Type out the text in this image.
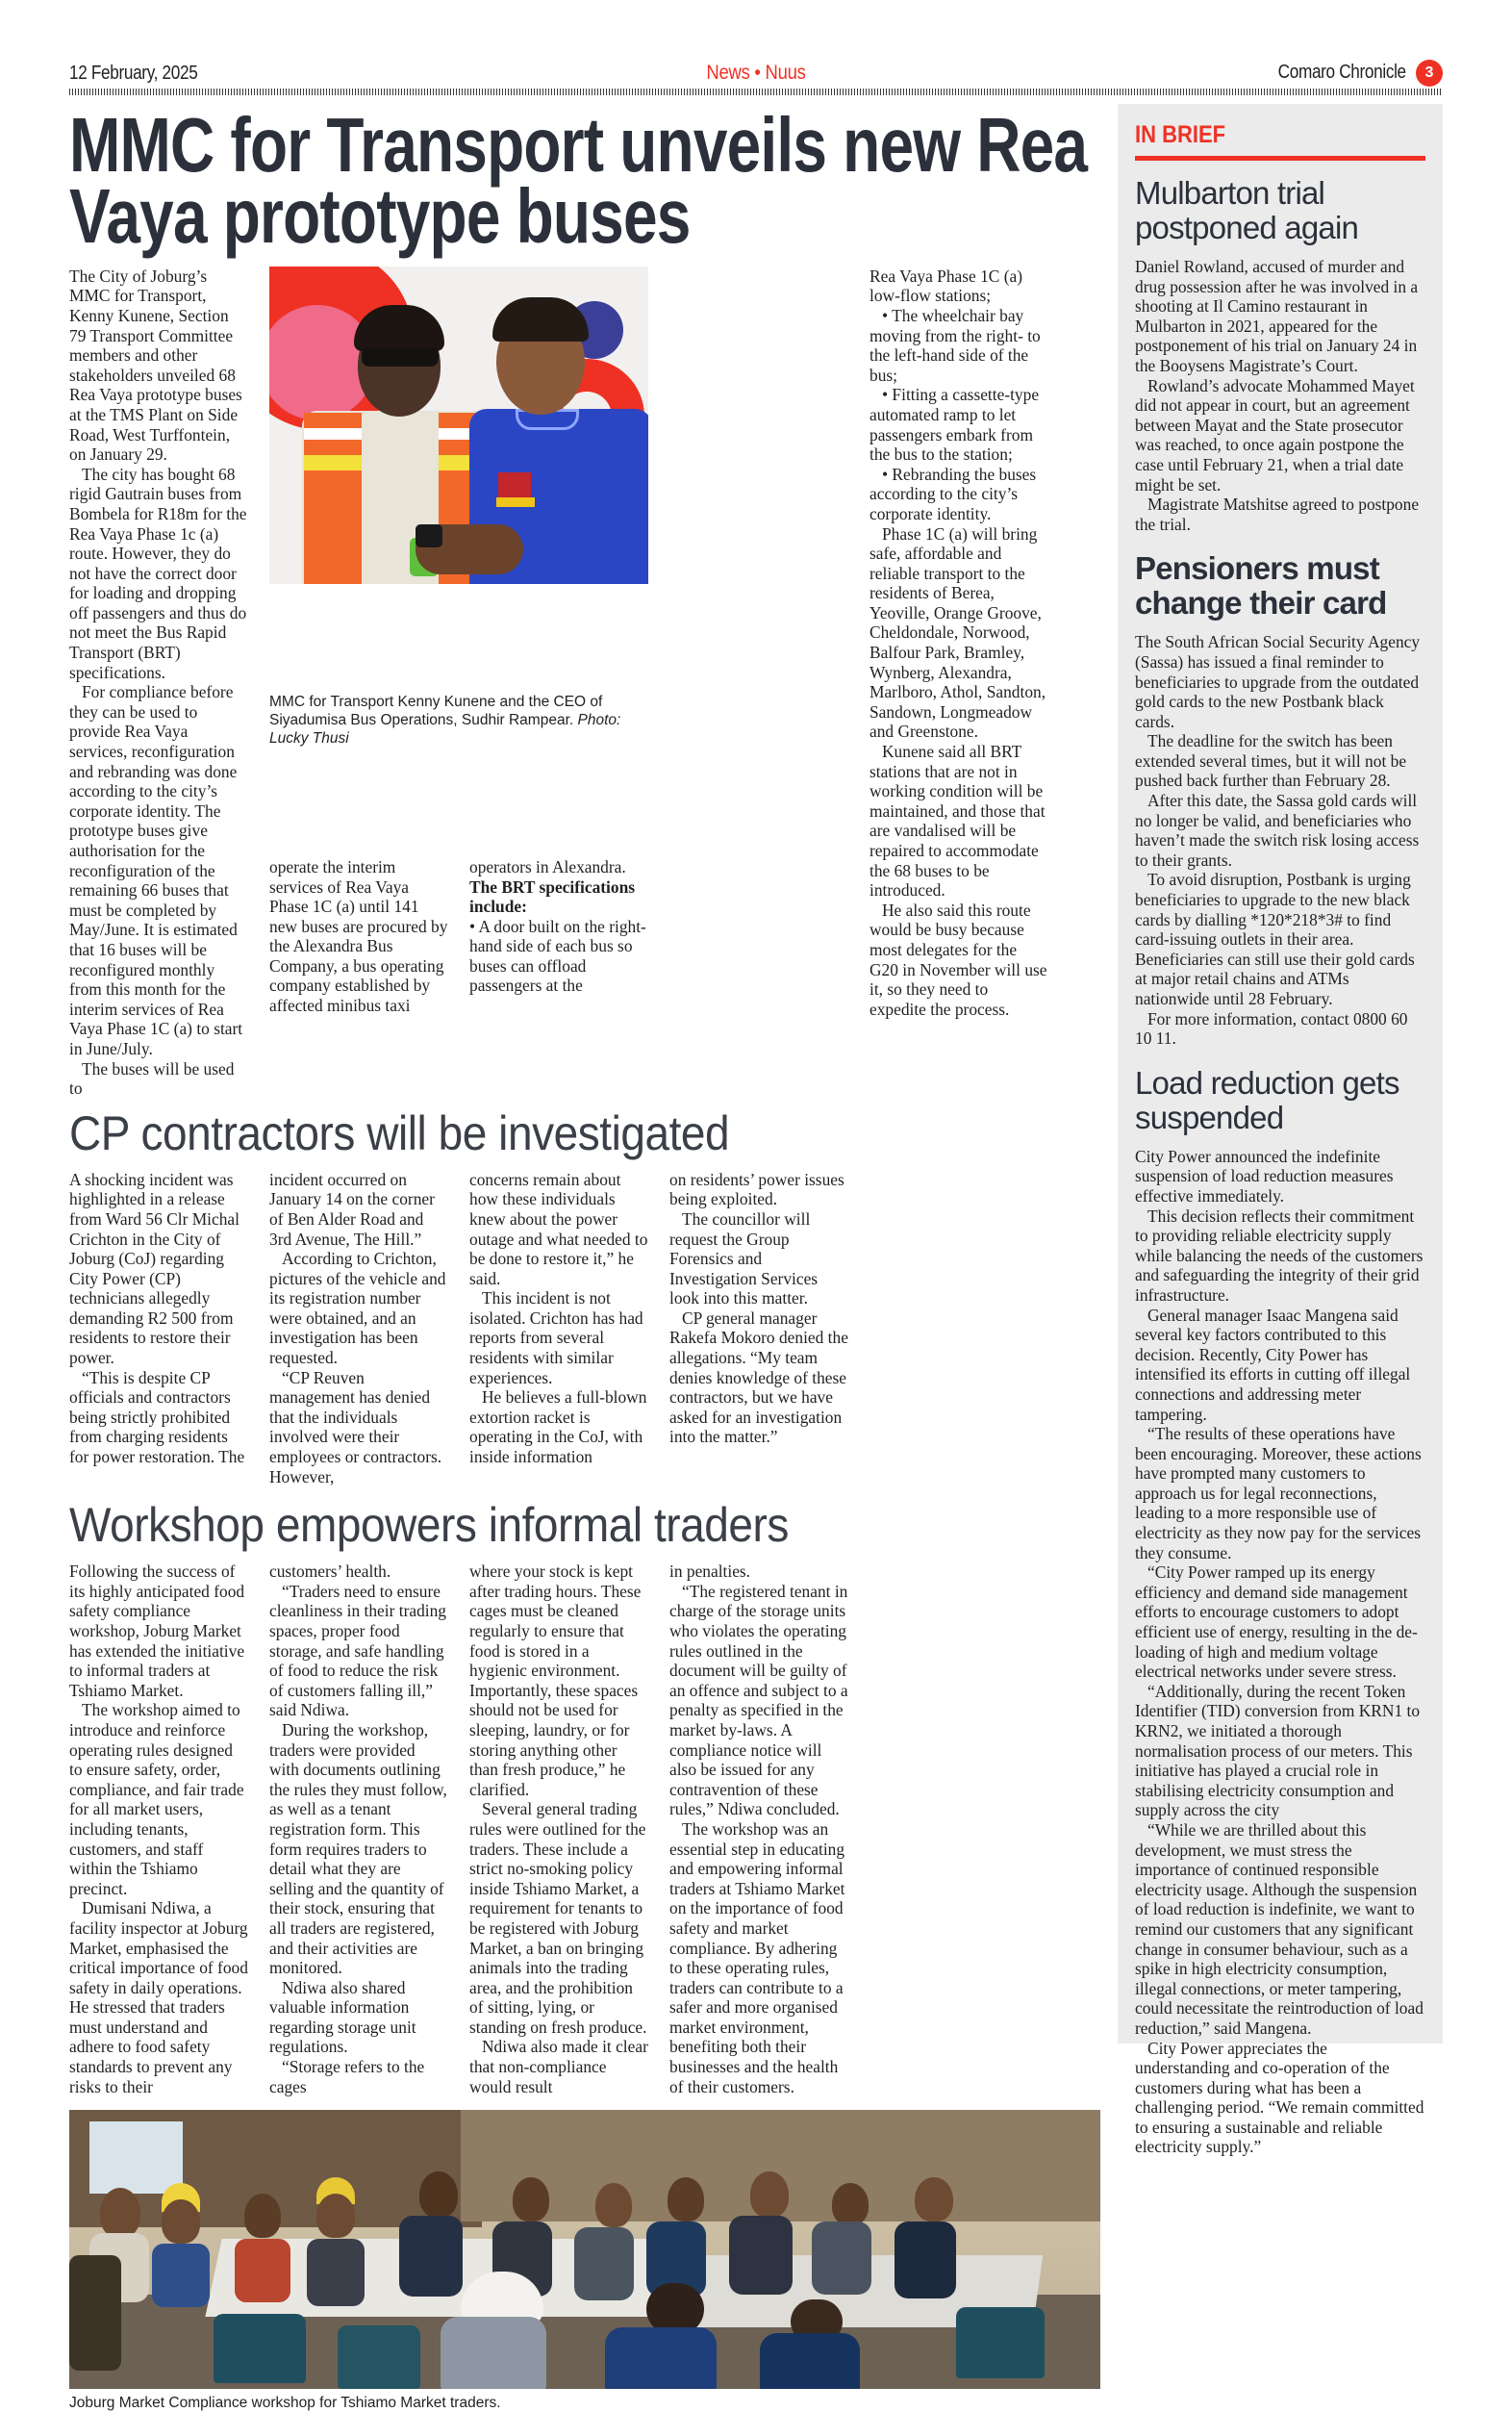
12 February, 2025	News • Nuus	Comaro Chronicle	3
MMC for Transport unveils new Rea Vaya prototype buses

The City of Joburg’s MMC for Transport, Kenny Kunene, Section 79 Transport Committee members and other stakeholders unveiled 68 Rea Vaya prototype buses at the TMS Plant on Side Road, West Turffontein, on January 29.

The city has bought 68 rigid Gautrain buses from Bombela for R18m for the Rea Vaya Phase 1c (a) route. However, they do not have the correct door for loading and dropping off passengers and thus do not meet the Bus Rapid Transport (BRT) specifications.

For compliance before they can be used to provide Rea Vaya services, reconfiguration and rebranding was done according to the city’s corporate identity. The prototype buses give authorisation for the reconfiguration of the remaining 66 buses that must be completed by May/June. It is estimated that 16 buses will be reconfigured monthly from this month for the interim services of Rea Vaya Phase 1C (a) to start in June/July.

The buses will be used to

MMC for Transport Kenny Kunene and the CEO of Siyadumisa Bus Operations, Sudhir Rampear. Photo: Lucky Thusi

Rea Vaya Phase 1C (a) low-flow stations;

• The wheelchair bay moving from the right- to the left-hand side of the bus;

• Fitting a cassette-type automated ramp to let passengers embark from the bus to the station;

• Rebranding the buses according to the city’s corporate identity.

Phase 1C (a) will bring safe, affordable and reliable transport to the residents of Berea, Yeoville, Orange Groove, Cheldondale, Norwood, Balfour Park, Bramley, Wynberg, Alexandra, Marlboro, Athol, Sandton, Sandown, Longmeadow and Greenstone.

Kunene said all BRT stations that are not in working condition will be maintained, and those that are vandalised will be repaired to accommodate the 68 buses to be introduced.

He also said this route would be busy because most delegates for the G20 in November will use it, so they need to expedite the process.

operate the interim services of Rea Vaya Phase 1C (a) until 141 new buses are procured by the Alexandra Bus Company, a bus operating company established by affected minibus taxi

operators in Alexandra.

The BRT specifications include:

• A door built on the right-hand side of each bus so buses can offload passengers at the

CP contractors will be investigated

A shocking incident was highlighted in a release from Ward 56 Clr Michal Crichton in the City of Joburg (CoJ) regarding City Power (CP) technicians allegedly demanding R2 500 from residents to restore their power.

“This is despite CP officials and contractors being strictly prohibited from charging residents for power restoration. The

incident occurred on January 14 on the corner of Ben Alder Road and 3rd Avenue, The Hill.”

According to Crichton, pictures of the vehicle and its registration number were obtained, and an investigation has been requested.

“CP Reuven management has denied that the individuals involved were their employees or contractors. However,

concerns remain about how these individuals knew about the power outage and what needed to be done to restore it,” he said.

This incident is not isolated. Crichton has had reports from several residents with similar experiences.

He believes a full-blown extortion racket is operating in the CoJ, with inside information

on residents’ power issues being exploited.

The councillor will request the Group Forensics and Investigation Services look into this matter.

CP general manager Rakefa Mokoro denied the allegations. “My team denies knowledge of these contractors, but we have asked for an investigation into the matter.”

Workshop empowers informal traders

Following the success of its highly anticipated food safety compliance workshop, Joburg Market has extended the initiative to informal traders at Tshiamo Market.

The workshop aimed to introduce and reinforce operating rules designed to ensure safety, order, compliance, and fair trade for all market users, including tenants, customers, and staff within the Tshiamo precinct.

Dumisani Ndiwa, a facility inspector at Joburg Market, emphasised the critical importance of food safety in daily operations. He stressed that traders must understand and adhere to food safety standards to prevent any risks to their

customers’ health.

“Traders need to ensure cleanliness in their trading spaces, proper food storage, and safe handling of food to reduce the risk of customers falling ill,” said Ndiwa.

During the workshop, traders were provided with documents outlining the rules they must follow, as well as a tenant registration form. This form requires traders to detail what they are selling and the quantity of their stock, ensuring that all traders are registered, and their activities are monitored.

Ndiwa also shared valuable information regarding storage unit regulations.

“Storage refers to the cages

where your stock is kept after trading hours. These cages must be cleaned regularly to ensure that food is stored in a hygienic environment. Importantly, these spaces should not be used for sleeping, laundry, or for storing anything other than fresh produce,” he clarified.

Several general trading rules were outlined for the traders. These include a strict no-smoking policy inside Tshiamo Market, a requirement for tenants to be registered with Joburg Market, a ban on bringing animals into the trading area, and the prohibition of sitting, lying, or standing on fresh produce.

Ndiwa also made it clear that non-compliance would result

in penalties.

“The registered tenant in charge of the storage units who violates the operating rules outlined in the document will be guilty of an offence and subject to a penalty as specified in the market by-laws. A compliance notice will also be issued for any contravention of these rules,” Ndiwa concluded.

The workshop was an essential step in educating and empowering informal traders at Tshiamo Market on the importance of food safety and market compliance. By adhering to these operating rules, traders can contribute to a safer and more organised market environment, benefiting both their businesses and the health of their customers.

Joburg Market Compliance workshop for Tshiamo Market traders.
IN BRIEF
Mulbarton trial postponed again

Daniel Rowland, accused of murder and drug possession after he was involved in a shooting at Il Camino restaurant in Mulbarton in 2021, appeared for the postponement of his trial on January 24 in the Booysens Magistrate’s Court.

Rowland’s advocate Mohammed Mayet did not appear in court, but an agreement between Mayat and the State prosecutor was reached, to once again postpone the case until February 21, when a trial date might be set.

Magistrate Matshitse agreed to postpone the trial.

Pensioners must change their card

The South African Social Security Agency (Sassa) has issued a final reminder to beneficiaries to upgrade from the outdated gold cards to the new Postbank black cards.

The deadline for the switch has been extended several times, but it will not be pushed back further than February 28.

After this date, the Sassa gold cards will no longer be valid, and beneficiaries who haven’t made the switch risk losing access to their grants.

To avoid disruption, Postbank is urging beneficiaries to upgrade to the new black cards by dialling *120*218*3# to find card-issuing outlets in their area. Beneficiaries can still use their gold cards at major retail chains and ATMs nationwide until 28 February.

For more information, contact 0800 60 10 11.

Load reduction gets suspended

City Power announced the indefinite suspension of load reduction measures effective immediately.

This decision reflects their commitment to providing reliable electricity supply while balancing the needs of the customers and safeguarding the integrity of their grid infrastructure.

General manager Isaac Mangena said several key factors contributed to this decision. Recently, City Power has intensified its efforts in cutting off illegal connections and addressing meter tampering.

“The results of these operations have been encouraging. Moreover, these actions have prompted many customers to approach us for legal reconnections, leading to a more responsible use of electricity as they now pay for the services they consume.

“City Power ramped up its energy efficiency and demand side management efforts to encourage customers to adopt efficient use of energy, resulting in the de-loading of high and medium voltage electrical networks under severe stress.

“Additionally, during the recent Token Identifier (TID) conversion from KRN1 to KRN2, we initiated a thorough normalisation process of our meters. This initiative has played a crucial role in stabilising electricity consumption and supply across the city

“While we are thrilled about this development, we must stress the importance of continued responsible electricity usage. Although the suspension of load reduction is indefinite, we want to remind our customers that any significant change in consumer behaviour, such as a spike in high electricity consumption, illegal connections, or meter tampering, could necessitate the reintroduction of load reduction,” said Mangena.

City Power appreciates the understanding and co-operation of the customers during what has been a challenging period. “We remain committed to ensuring a sustainable and reliable electricity supply.”
